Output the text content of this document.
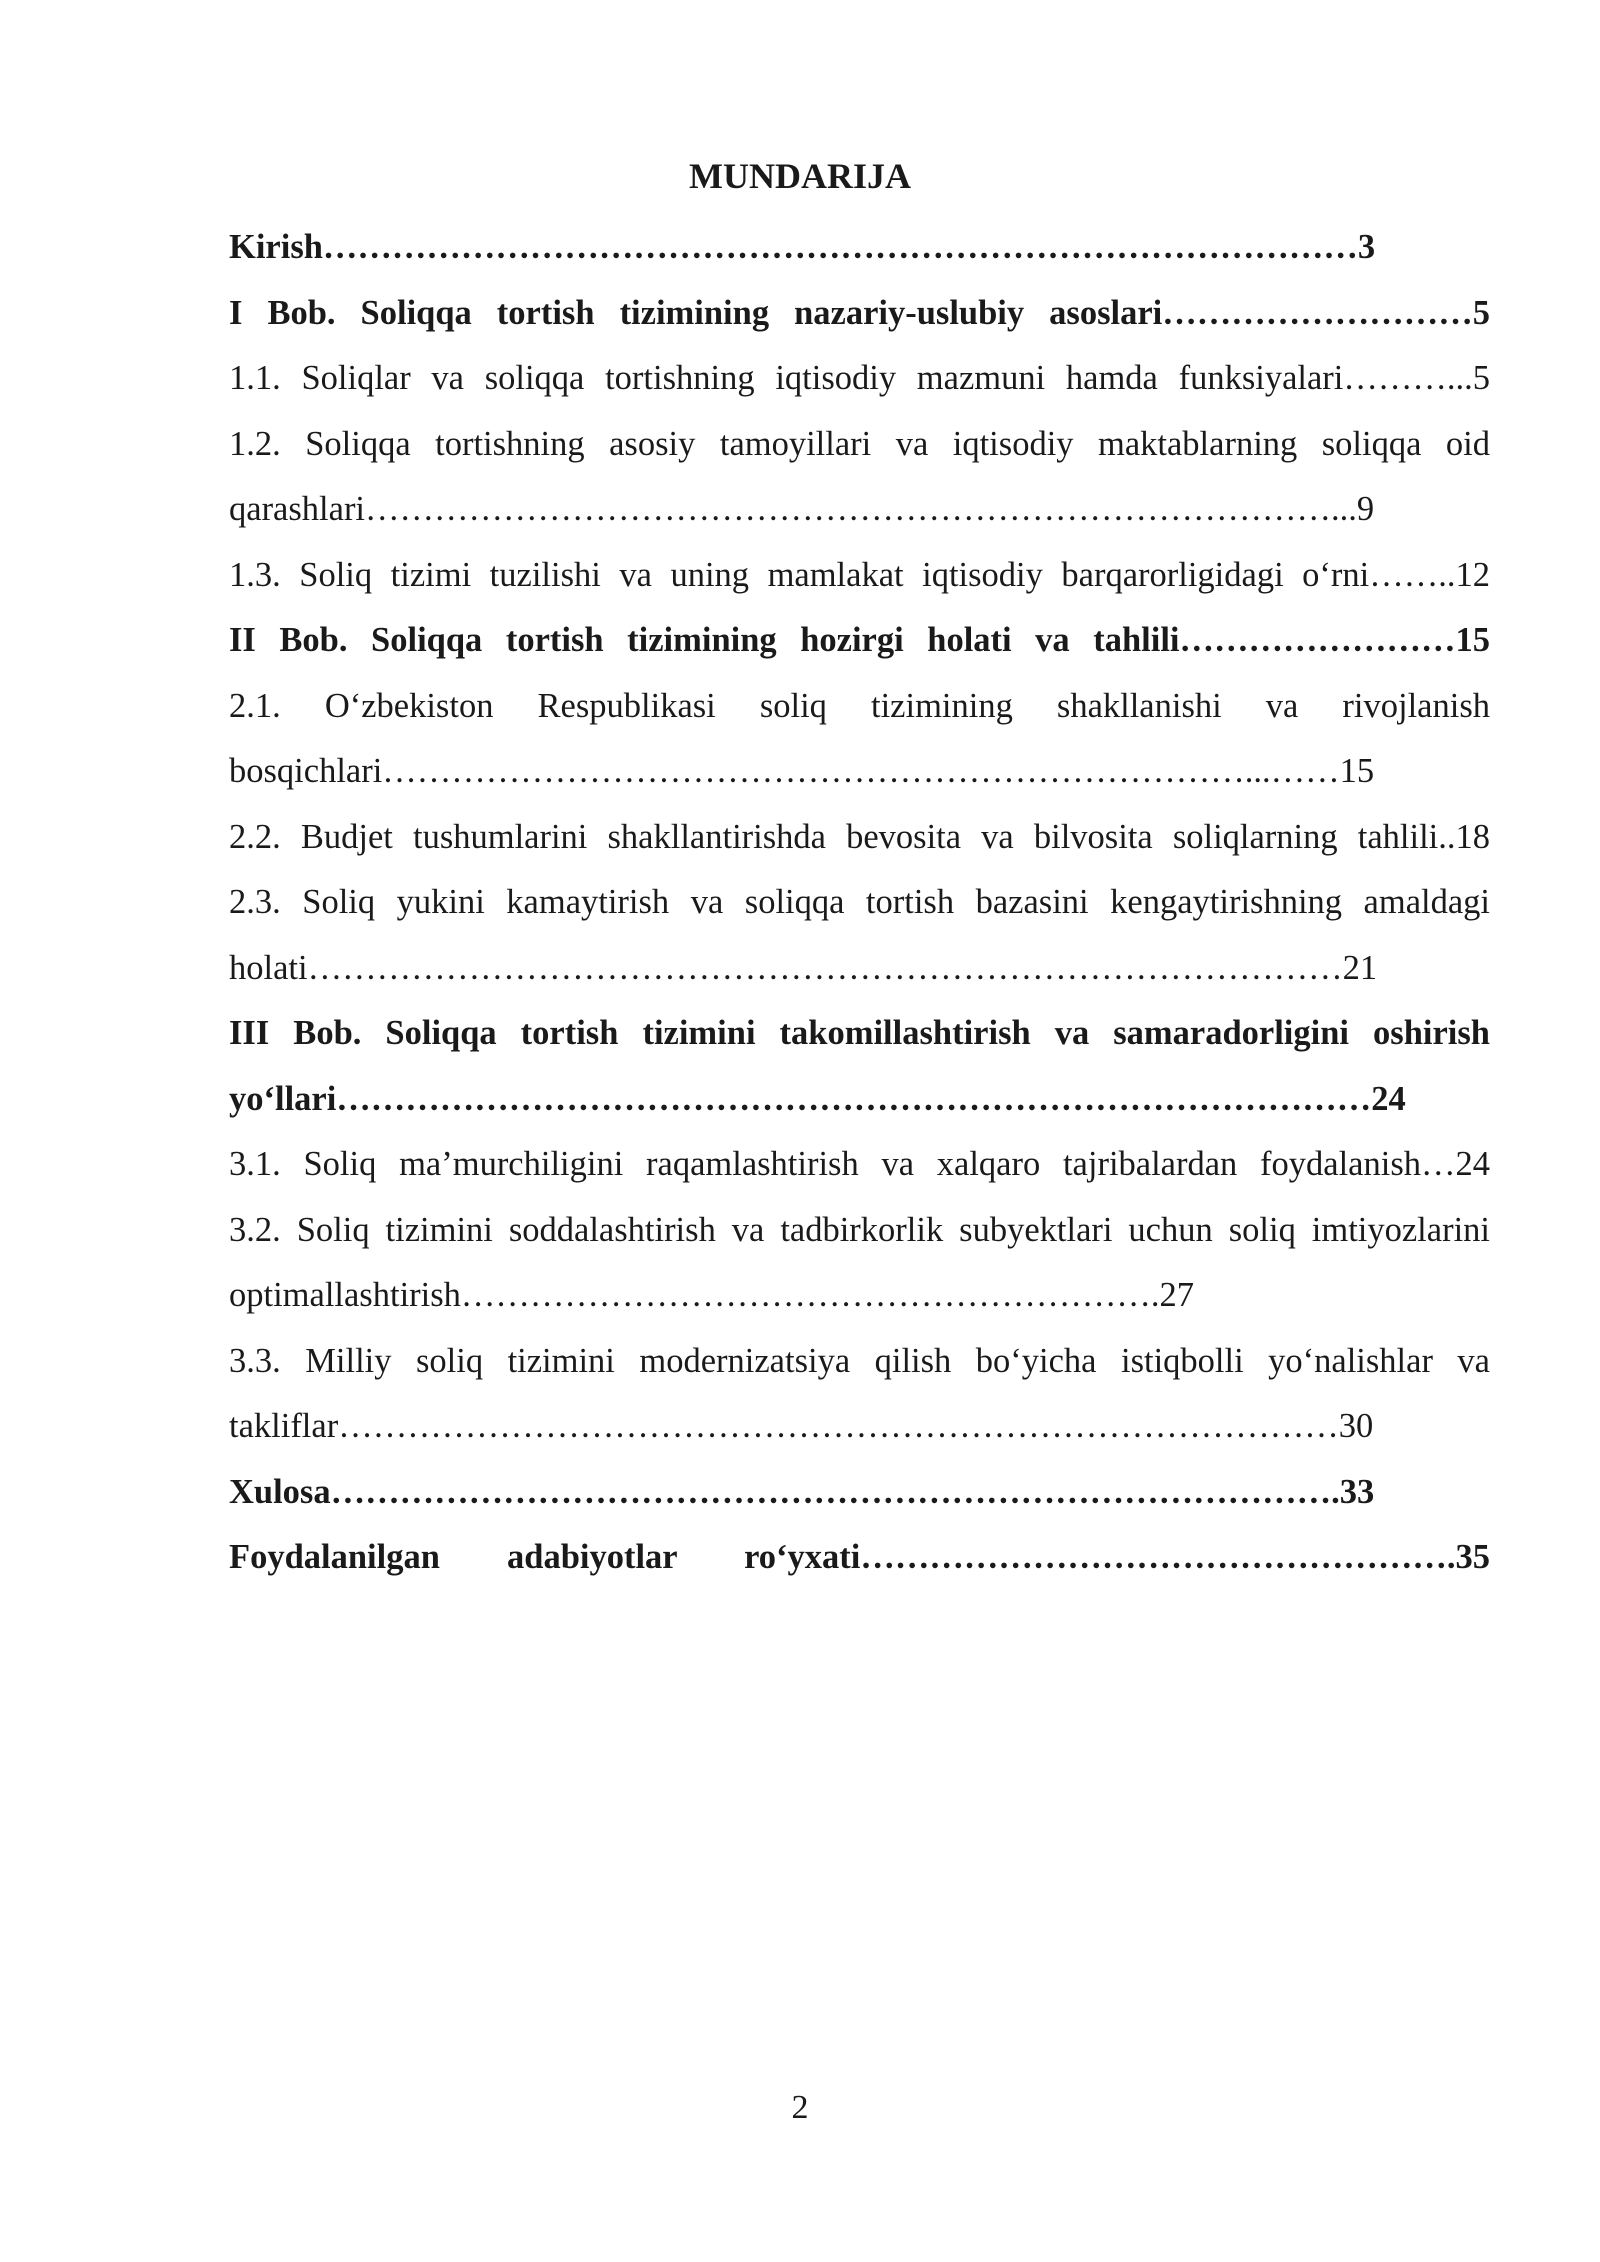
MUNDARIJA
Kirish………………………………………………………………………………3
I Bob. Soliqqa tortish tizimining nazariy-uslubiy asoslari………………………5
1.1. Soliqlar va soliqqa tortishning iqtisodiy mazmuni hamda funksiyalari………...5
1.2. Soliqqa tortishning asosiy tamoyillari va iqtisodiy maktablarning soliqqa oid qarashlari…………………………………………………………………………...9
1.3. Soliq tizimi tuzilishi va uning mamlakat iqtisodiy barqarorligidagi o‘rni……..12
II Bob. Soliqqa tortish tizimining hozirgi holati va tahlili……………………15
2.1. O‘zbekiston Respublikasi soliq tizimining shakllanishi va rivojlanish bosqichlari…………………………………………………………………...……15
2.2. Budjet tushumlarini shakllantirishda bevosita va bilvosita soliqlarning tahlili..18
2.3. Soliq yukini kamaytirish va soliqqa tortish bazasini kengaytirishning amaldagi holati………………………………………………………………………………21
III Bob. Soliqqa tortish tizimini takomillashtirish va samaradorligini oshirish yo‘llari………………………………………………………………………………24
3.1. Soliq ma’murchiligini raqamlashtirish va xalqaro tajribalardan foydalanish…24
3.2. Soliq tizimini soddalashtirish va tadbirkorlik subyektlari uchun soliq imtiyozlarini optimallashtirish…………………………………………………….27
3.3. Milliy soliq tizimini modernizatsiya qilish bo‘yicha istiqbolli yo‘nalishlar va takliflar……………………………………………………………………………30
Xulosa…………………………………………………………………………….33
Foydalanilgan adabiyotlar ro‘yxati…………………………………………….35
2
